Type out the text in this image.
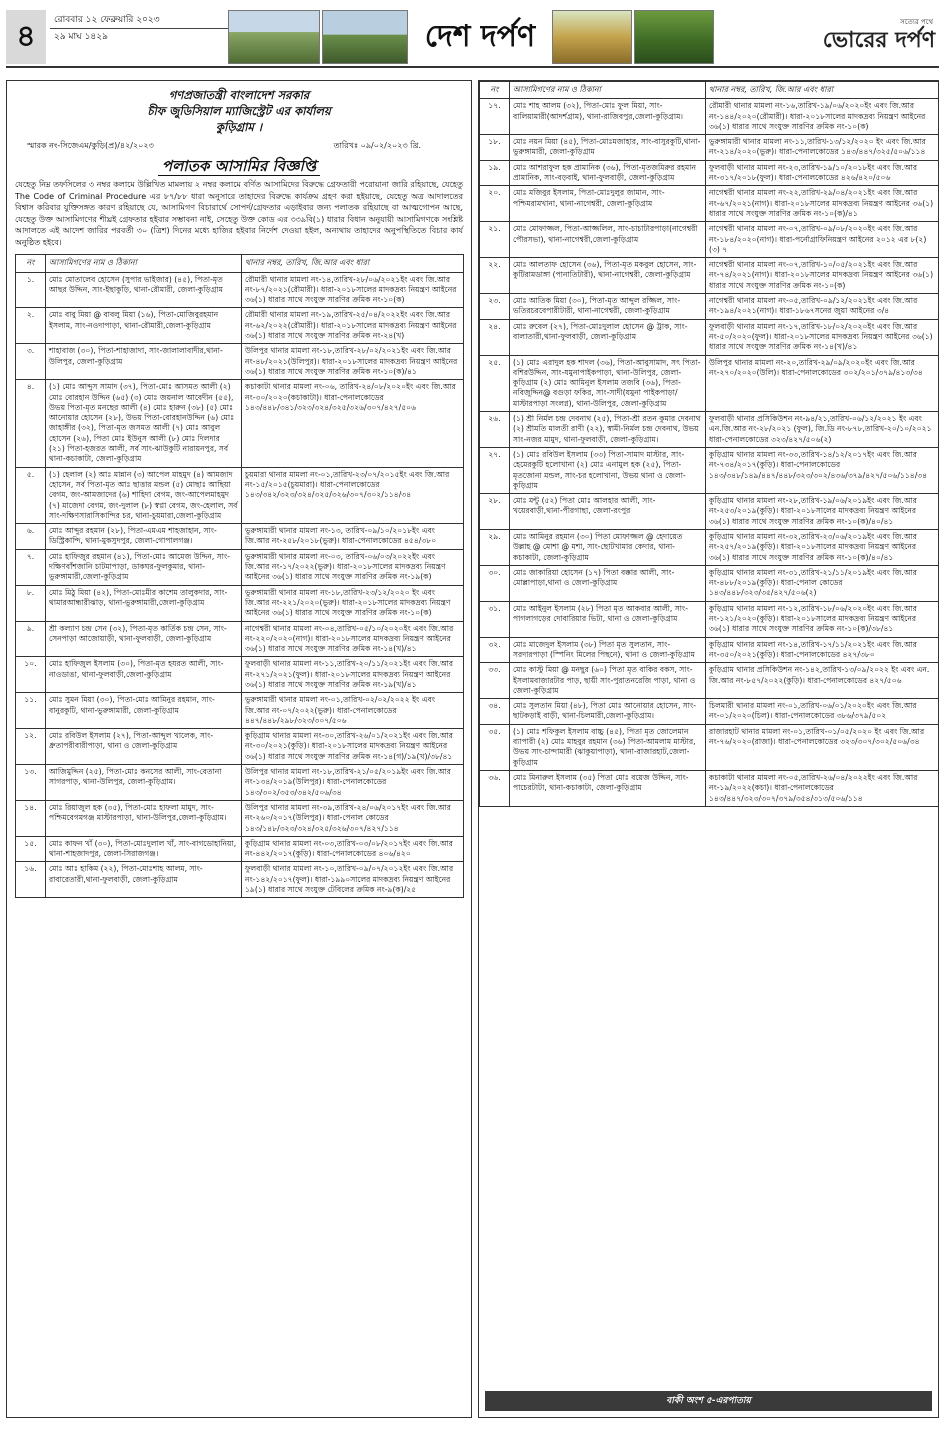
৪	রোববার ১২ ফেব্রুয়ারি ২০২৩
২৯ মাঘ ১৪২৯	দেশ দর্পণ	সত্যের পথে
ভোরের দর্পণ
গণপ্রজাতন্ত্রী বাংলাদেশ সরকার
চীফ জুডিসিয়াল ম্যাজিস্ট্রেট এর কার্যালয়
কুড়িগ্রাম ।
স্মারক নং-সিজেএম/কুড়ি(প্র)/৪২/২০২৩	তারিখঃ ০৯/০২/২০২৩ খ্রি.
পলাতক আসামির বিজ্ঞপ্তি

যেহেতু নিম্ন তফসিলের ৩ নম্বর কলামে উল্লিখিত মামলায় ২ নম্বর কলামে বর্ণিত আসামিদের বিরুদ্ধে গ্রেফতারী পরোয়ানা জারি রহিয়াছে, যেহেতু The Code of Criminal Procedure এর ৮৭/৮৮ ধারা অনুসারে তাহাদের বিরুদ্ধে কার্যক্রম গ্রহণ করা হইয়াছে, যেহেতু অত্র আদালতের বিশ্বাস করিবার যুক্তিসঙ্গত কারণ রহিয়াছে যে, আসামিগণ বিচারার্থে সোপর্দ/গ্রেফতার এড়াইবার জন্য পলাতক রহিয়াছে বা আত্মগোপন আছে, যেহেতু উক্ত আসামিগণের শীঘ্রই গ্রেফতার হইবার সম্ভাবনা নাই, সেহেতু উক্ত কোড এর ৩৩৯বি(১) ধারার বিধান অনুযায়ী আসামিগণকে সংশ্লিষ্ট আদালতে এই আদেশ জারির পরবর্তী ৩০ (ত্রিশ) দিনের মধ্যে হাজির হইবার নির্দেশ দেওয়া হইল, অন্যথায় তাহাদের অনুপস্থিতিতে বিচার কার্য অনুষ্ঠিত হইবে।

নং	আসামিগণের নাম ও ঠিকানা	থানার নম্বর, তারিখ, জি.আর এবং ধারা
১.	মোঃ মোতালেব হোসেন (সুপার ভাইজার) (৪৫), পিতা-মৃত আছর উদ্দিন, সাং-ইছাকুড়ি, থানা-রৌমারী, জেলা-কুড়িগ্রাম	রৌমারী থানার মামলা নং-১৪,তারিখ-২৮/০৬/২০২১ইং এবং জি.আর নং-৮৭/২০২১(রৌমারী)। ধারা-২০১৮সালের মাদকদ্রব্য নিয়ন্ত্রণ আইনের ৩৬(১) ধারার সাথে সংযুক্ত সারণির ক্রমিক নং-১০(ক)
২.	মোঃ বাবু মিয়া @ বাবলু মিয়া (১৬), পিতা-মোজিবুরহমান ইসলাম, সাং-নওদাপাড়া, থানা-রৌমারী,জেলা-কুড়িগ্রাম	রৌমারী থানার মামলা নং-১৯,তারিখ-২৫/০৪/২০২২ইং এবং জি.আর নং-৬২/২০২২(রৌমারী)। ধারা-২০১৮সালের মাদকদ্রব্য নিয়ন্ত্রণ আইনের ৩৬(১) ধারার সাথে সংযুক্ত সারণির ক্রমিক নং-২৪(খ)
৩.	শাহাবাজ (৩০), পিতা-শাহাজাদা, সাং-জালালাবাদীর,থানা-উলিপুর, জেলা-কুড়িগ্রাম	উলিপুর থানার মামলা নং-১৮,তারিখ-২৮/০২/২০২১ইং এবং জি.আর নং-৪৮/২০২১(উলিপুর)। ধারা-২০১৮সালের মাদকদ্রব্য নিয়ন্ত্রণ আইনের ৩৬(১) ধারার সাথে সংযুক্ত সারণির ক্রমিক নং-১০(ক)/৪১
৪.	(১) মোঃ আব্দুস সামাদ (৩৭), পিতা-মোঃ আসমত আলী (২) মোঃ বোরহান উদ্দিন (৬৫) (৩) মোঃ জয়নাল আবেদীন (৫৫), উভয় পিতা-মৃত মনছের আলী (৪) মোঃ হারুন (৩৮) (৫) মোঃ আনোয়ার হোসেন (২৮), উভয় পিতা-বোরহানউদ্দিন (৬) মোঃ জাহাঙ্গীর (৩২), পিতা-মৃত জসমত আলী (৭) মোঃ আবুল হোসেন (২৬), পিতা মোঃ ইউনুস আলী (৮) মোঃ দিলদার (২১) পিতা-হজরত আলী, সর্ব সাং-ঝাউকুটি নারায়নপুর, সর্ব থানা-কচাকাটা, জেলা-কুড়িগ্রাম	কচাকাটা থানার মামলা নং-০৬, তারিখ-২৪/০৮/২০২০ইং এবং জি.আর নং-৩০/২০২০(কচাকাটা)। ধারা-পেনালকোডের ১৪৩/৪৪৮/৩৪১/৩২৩/৩২৪/৩২৫/৩২৬/৩০৭/৪২৭/৫০৬
৫.	(১) হেলাল (২) আঃ মান্নান (৩) আপেল মাহমুদ (৪) আমজাদ হোসেন, সর্ব পিতা-মৃত আঃ ছাত্তার মন্ডল (৫) মোছাঃ আছিয়া বেগম, জং-আমজাদের (৬) শাহিদা বেগম, জং-আপেলমাহমুদ (৭) মাজেদা বেগম, জং-দুলাল (৮) স্বপ্না বেগম, জং-হেলাল, সর্ব সাং-দক্ষিণসারাসিকান্দির চর, থানা-চুয়মারা,জেলা-কুড়িগ্রাম	চুয়মারা থানার মামলা নং-০১,তারিখ-২৩/০৭/২০১৫ইং এবং জি.আর নং-১৫/২০১৫(চুয়মারা)। ধারা-পেনালকোডের ১৪৩/৩৪২/৩২৩/৩২৪/৩২৫/৩২৬/৩০৭/৩০২/১১৪/৩৪
৬.	মোঃ আব্দুর রহমান (২৮), পিতা-এমএম শাহজাহান, সাং-ডিস্ট্রিকান্দি, থানা-মুকসুদপুর, জেলা-গোপালগঞ্জ।	ভুরুঙ্গামারী থানার মামলা নং-১৩, তারিখ-০৯/১০/২০১৮ইং এবং জি.আর নং-২৫৮/২০১৮(ভুরু)। ধারা-পেনালকোডের ৪৫৪/৩৮০
৭.	মোঃ হাফিজুর রহমান (৪১), পিতা-মোঃ আমেজ উদ্দিন, সাং-দক্ষিণবাঁশজানি চাটমাপাড়া, ডাকঘর-ফুলকুমার, থানা-ভুরুঙ্গামারী,জেলা-কুড়িগ্রাম	ভুরুঙ্গামারী থানার মামলা নং-০৩, তারিখ-০৬/০৩/২০২২ইং এবং জি.আর নং-১৭/২০২২(ভুরু)। ধারা-২০১৮সালের মাদকদ্রব্য নিয়ন্ত্রণ আইনের ৩৬(১) ধারার সাথে সংযুক্ত সারণির ক্রমিক নং-১৯(ক)
৮.	মোঃ মিঠু মিয়া (৪২), পিতা-মোঃমীর কাশেম তালুকদার, সাং-থামারআন্ধারীঝাড়, থানা-ভুরুঙ্গামারী,জেলা-কুড়িগ্রাম	ভুরুঙ্গামারী থানার মামলা নং-১৮,তারিখ-২৩/১২/২০২০ ইং এবং জি.আর নং-২২১/২০২০(ভুরু)। ধারা-২০১৮সালের মাদকদ্রব্য নিয়ন্ত্রণ আইনের ৩৬(১) ধারার সাথে সংযুক্ত সারণির ক্রমিক নং-১০(ক)
৯.	শ্রী কল্যাণ চন্দ্র সেন (৩২), পিতা-মৃত কার্তিক চন্দ্র সেন, সাং-সেনপাড়া আজোয়াড়ী, থানা-ফুলবাড়ী, জেলা-কুড়িগ্রাম	নাগেশ্বরী থানার মামলা নং-০৪,তারিখ-০৫/১০/২০২০ইং এবং জি.আর নং-২২০/২০২০(নাগ)। ধারা-২০১৮সালের মাদকদ্রব্য নিয়ন্ত্রণ আইনের ৩৬(১) ধারার সাথে সংযুক্ত সারণির ক্রমিক নং-১৪(খ)/৪১
১০.	মোঃ হাফিজুল ইসলাম (৩০), পিতা-মৃত হযরত আলী, সাং-নাওডাঙা, থানা-ফুলবাড়ী,জেলা-কুড়িগ্রাম	ফুলবাড়ী থানার মামলা নং-১১,তারিখ-২০/১১/২০২১ইং এবং জি.আর নং-২৭১/২০২১(ফুল)। ধারা-২০১৮সালের মাদকদ্রব্য নিয়ন্ত্রণ আইনের ৩৬(১) ধারার সাথে সংযুক্ত সারণির ক্রমিক নং-১৯(খ)/৪১
১১.	মোঃ সুমন মিয়া (৩০), পিতা-মোঃ আমিনুর রহমান, সাং-বানুরকুটি, থানা-ভুরুঙ্গামারী, জেলা-কুড়িগ্রাম	ভুরুঙ্গামারী থানার মামলা নং-০১,তারিখ-০২/০২/২০২২ ইং এবং জি.আর নং-০৭/২০২২(ভুরু)। ধারা-পেনালকোডের ৪৪৭/৪৪৮/২৯৮/৩২৩/৩০৭/৫০৬
১২.	মোঃ রবিউল ইসলাম (২৭), পিতা-আব্দুল খালেক, সাং-ধ্রুতাপরীবারীপাড়া, থানা ও জেলা-কুড়িগ্রাম	কুড়িগ্রাম থানার মামলা নং-৩০,তারিখ-২৬/০১/২০২১ইং এবং জি.আর নং-৩০/২০২১(কুড়ি)। ধারা-২০১৮সালের মাদকদ্রব্য নিয়ন্ত্রণ আইনের ৩৬(১) ধারার সাথে সংযুক্ত সারণির ক্রমিক নং-১৪(গ)/১৯(খ)/৩৮/৪১
১৩.	আজিমুদ্দিন (২৫), পিতা-মোঃ কনসের আলী, সাং-বেতানা সাগরপাড়, থানা-উলিপুর, জেলা-কুড়িগ্রাম।	উলিপুর থানার মামলা নং-১৮,তারিখ-২১/০৫/২০১৯ইং এবং জি.আর নং-১৩৪/২০১৯(উলিপুর)। ধারা-পেনালকোডের ১৪৩/৩০২/৩৫৩/৩৪২/৫০৬/৩৪
১৪.	মোঃ রিয়াজুল হক (৩৫), পিতা-মোঃ হাফলা মামুদ, সাং-পশ্চিমবেগমগঞ্জ মাস্টারপাড়া, থানা-উলিপুর,জেলা-কুড়িগ্রাম।	উলিপুর থানার মামলা নং-৩৯,তারিখ-২৪/০৬/২০১৭ইং এবং জি.আর নং-২৬০/২০১৭(উলিপুর)। ধারা-পেনাল কোডের ১৪৩/১৪৮/৩২৩/৩২৪/৩২৫/৩২৬/৩০৭/৪২৭/১১৪
১৫.	মোঃ কাফন খাঁ (৩০), পিতা-মোঃদুলাল খাঁ, সাং-বাগডোহানিয়া, থানা-শাহজাদপুর, জেলা-সিরাজগঞ্জ।	কুড়িগ্রাম থানার মামলা নং-০৩,তারিখ-০৩/০৮/২০১৭ইং এবং জি.আর নং-৪৪২/২০১৭(কুড়ি)। ধারা-পেনালকোডের ৪০৬/৪২০
১৬.	মোঃ আঃ হাকিম (২২), পিতা-মোঃশাহ আলম, সাং-রাবারেতারী,থানা-ফুলবাড়ী, জেলা-কুড়িগ্রাম	ফুলবাড়ী থানার মামলা নং-১০,তারিখ-০৯/০৭/২০১২ইং এবং জি.আর নং-১৪২/২০১৭(ফুল)। ধারা-১৯৯০সালের মাদকদ্রব্য নিয়ন্ত্রণ আইনের ১৯(১) ধারার সাথে সংযুক্ত টেবিলের ক্রমিক নং-৯(ক)/২৫
নং	আসামিগণের নাম ও ঠিকানা	থানার নম্বর, তারিখ, জি.আর এবং ধারা
১৭.	মোঃ শাহ আলম (৩২), পিতা-মোঃ ফুল মিয়া, সাং-বালিয়ামারী(আদর্শগ্রাম), থানা-রাজিবপুর,জেলা-কুড়িগ্রাম।	রৌমারী থানার মামলা নং-১৬,তারিখ-১৯/০৬/২০২০ইং এবং জি.আর নং-১৪৪/২০২০(রৌমারী)। ধারা-২০১৮সালের মাদকদ্রব্য নিয়ন্ত্রণ আইনের ৩৬(১) ধারার সাথে সংযুক্ত সারণির ক্রমিক নং-১০(ক)
১৮.	মোঃ নয়ন মিয়া (৪৫), পিতা-মোঃমজাহার, সাং-বাসুরকুটি,থানা-ভুরুঙ্গামারী, জেলা-কুড়িগ্রাম	ভুরুঙ্গামারী থানার মামলা নং-১১,তারিখ-১৩/১২/২০২০ ইং এবং জি.আর নং-২১৪/২০২০(ভুরু)। ধারা-পেনালকোডের ১৪৩/৪৪৭/৩২৫/৫০৬/১১৪
১৯.	মোঃ আশরাফুল হক প্রামানিক (৩৬), পিতা-মৃতজমিরুর রহমান প্রামানিক, সাং-বড়বাই, থানা-ফুলবাড়ী, জেলা-কুড়িগ্রাম	ফুলবাড়ী থানার মামলা নং-২৩,তারিখ-১৯/১০/২০১৮ইং এবং জি.আর নং-৩১৭/২০১৮(ফুল)। ধারা-পেনালকোডের ৪২৬/৪২০/৫০৬
২০.	মোঃ মজিবুর ইসলাম, পিতা-মোঃদুলুর জামান, সাং-পশ্চিমরামখানা, থানা-নাগেশ্বরী, জেলা-কুড়িগ্রাম	নাগেশ্বরী থানার মামলা নং-২২,তারিখ-২৯/০৪/২০২১ইং এবং জি.আর নং-৬৭/২০২১(নাগ)। ধারা-২০১৮সালের মাদকদ্রব্য নিয়ন্ত্রণ আইনের ৩৬(১) ধারার সাথে সংযুক্ত সারণির ক্রমিক নং-১০(ক)/৪১
২১.	মোঃ মোফাজ্জল, পিতা-আজ্জলিল, সাং-চাচাটারপাড়া(নাগেশ্বরী পৌরসভা), থানা-নাগেশ্বরী,জেলা-কুড়িগ্রাম	নাগেশ্বরী থানার মামলা নং-০৭,তারিখ-০৯/০৮/২০২০ইং এবং জি.আর নং-১৮৪/২০২০(নাগ)। ধারা-পর্নোগ্রাফিনিয়ন্ত্রণ আইনের ২০১২ এর ৮(২)(৩) ৭
২২.	মোঃ আলতাফ হোসেন (৩৬), পিতা-মৃত মকবুল হোসেন, সাং-কুটিরামডাঙ্গা (পানাতিটারী), থানা-নাগেশ্বরী, জেলা-কুড়িগ্রাম	নাগেশ্বরী থানার মামলা নং-০৭,তারিখ-১০/০৫/২০২১ইং এবং জি.আর নং-৭৪/২০২১(নাগ)। ধারা-২০১৮সালের মাদকদ্রব্য নিয়ন্ত্রণ আইনের ৩৬(১) ধারার সাথে সংযুক্ত সারণির ক্রমিক নং-১০(ক)
২৩.	মোঃ আতিক মিয়া (৩০), পিতা-মৃত আব্দুল রজ্জিল, সাং-ভতিরচরবেপারীটারী, থানা-নাগেশ্বরী, জেলা-কুড়িগ্রাম	নাগেশ্বরী থানার মামলা নং-০৫,তারিখ-০৯/১২/২০২১ইং এবং জি.আর নং-১৯৪/২০২১(নাগ)। ধারা-১৮৬৭সনের জুয়া আইনের ৩/৪
২৪.	মোঃ রুবেল (২৭), পিতা-মোঃদুলাল হোসেন @ ট্রাক, সাং-বালাতারী,থানা-ফুলবাড়ী, জেলা-কুড়িগ্রাম	ফুলবাড়ী থানার মামলা নং-১৭,তারিখ-১৮/০২/২০২০ইং এবং জি.আর নং-৫০/২০২০(ফুল)। ধারা-২০১৮সালের মাদকদ্রব্য নিয়ন্ত্রণ আইনের ৩৬(১) ধারার সাথে সংযুক্ত সারণির ক্রমিক নং-১৪(খ)/৪১
২৫.	(১) মোঃ এরাদুল হক শাদল (৩৬), পিতা-আবুসামাদ, সৎ পিতা-বশিরউদ্দিন, সাং-যমুনাপাইকপাড়া, থানা-উলিপুর, জেলা-কুড়িগ্রাম (২) মোঃ আমিনুল ইসলাম তজবি (৩৬), পিতা-নবিজুদ্দিন@ বগুড়া ফকির, সাং-সাদী(যমুনা পাইকপাড়া/ মাস্টারপাড়া সংলগ্ন), থানা-উলিপুর, জেলা-কুড়িগ্রাম	উলিপুর থানার মামলা নং-২০,তারিখ-২৯/০৯/২০২০ইং এবং জি.আর নং-২৭০/২০২০(উলি)। ধারা-পেনালকোডের ৩০২/২০১/৩৭৯/৪১৩/৩৪
২৬.	(১) শ্রী নির্মল চন্দ্র দেবনাথ (২৫), পিতা-শ্রী রতন কুমার দেবনাথ (২) শ্রীমতি মালতী রাণী (২২), স্বামী-নির্মল চন্দ্র দেবনাথ, উভয় সাং-নজর মামুদ, থানা-ফুলবাড়ী, জেলা-কুড়িগ্রাম।	ফুলবাড়ী থানার প্রসিকিউশন নং-৯৪/২১,তারিখ-০৬/১২/২০২১ ইং এবং এন.জি.আর নং-২৮/২০২১ (ফুল), জি.ডি নং-৮৭৮,তারিখ-২০/১০/২০২১ ধারা-পেনালকোডের ৩২৩/৪২৭/৫০৬(২)
২৭.	(১) মোঃ রবিউল ইসলাম (৩৩) পিতা-সামাদ মাস্টার, সাং-হেমেরকুটি হলোখানা (২) মোঃ এনামুল হক (২৫), পিতা-মৃতজোনা মন্ডল, সাং-চর হলোখানা, উভয় থানা ও জেলা-কুড়িগ্রাম	কুড়িগ্রাম থানার মামলা নং-৩৩,তারিখ-১৪/১২/২০১৭ইং এবং জি.আর নং-৭৩৪/২০১৭(কুড়ি)। ধারা-পেনালকোডের ১৪৩/৩৪৮/১৪৯/৪৪৭/৪৪৮/৩২৩/৩০২/৪৩৬/৩৭৯/৪২৭/৫০৬/১১৪/৩৪
২৮.	মোঃ মন্টু (৫২) পিতা মোঃ আলহার আলী, সাং-খয়েরবাড়ী,থানা-পীরগাছা, জেলা-রংপুর	কুড়িগ্রাম থানার মামলা নং-২৮,তারিখ-১৯/০৬/২০১৯ইং এবং জি.আর নং-২৫৩/২০১৯(কুড়ি)। ধারা-২০১৮সালের মাদকদ্রব্য নিয়ন্ত্রণ আইনের ৩৬(১) ধারার সাথে সংযুক্ত সারণির ক্রমিক নং-১০(ক)/৪০/৪১
২৯.	মোঃ আমিনুর রহমান (৩০) পিতা মোফাজ্জল @ হেদায়েত উল্লাহ @ মোশা @ মশা, সাং-ছোটখামার কেদার, থানা-কচাকাটা, জেলা-কুড়িগ্রাম	কুড়িগ্রাম থানার মামলা নং-৩২,তারিখ-২৩/০৬/২০১৯ইং এবং জি.আর নং-২৫৭/২০১৯(কুড়ি)। ধারা-২০১৮সালের মাদকদ্রব্য নিয়ন্ত্রণ আইনের ৩৬(১) ধারার সাথে সংযুক্ত সারণির ক্রমিক নং-১০(ক)/৪০/৪১
৩০.	মোঃ জাকারিয়া হোসেন (১৭) পিতা বক্কার আলী, সাং-মোল্লাপাড়া,থানা ও জেলা-কুড়িগ্রাম	কুড়িগ্রাম থানার মামলা নং-৩১,তারিখ-২১/১১/২০১৯ইং এবং জি.আর নং-৪৮৮/২০১৯(কুড়ি)। ধারা-পেনাল কোডের ১৪৩/৪৪৮/৩২৩/৩৫/৪২৭/৫০৬(২)
৩১.	মোঃ আইনুল ইসলাম (২৮) পিতা মৃত আকবার আলী, সাং-পাগলাগড়ের দোবারিয়ার ভিটা, থানা ও জেলা-কুড়িগ্রাম	কুড়িগ্রাম থানার মামলা নং-১২,তারিখ-১৮/০৬/২০২০ইং এবং জি.আর নং-১২১/২০২০(কুড়ি)। ধারা-২০১৮সালের মাদকদ্রব্য নিয়ন্ত্রণ আইনের ৩৬(১) ধারার সাথে সংযুক্ত সারণির ক্রমিক নং-১০(ক)/৩৮/৪১
৩২.	মোঃ মাজেদুল ইসলাম (৩৮) পিতা মৃত সুলতান, সাং-সরদারপাড়া (স্পিনিং মিলের পিছনে), থানা ও জেলা-কুড়িগ্রাম	কুড়িগ্রাম থানার মামলা নং-১৪,তারিখ-১৭/১১/২০২১ইং এবং জি.আর নং-৩৫০/২০২১(কুড়ি)। ধারা-পেনালকোডের ৪২৭/৩৮০
৩৩.	মোঃ কাস্টু মিয়া @ মনছুর (৬০) পিতা মৃত বাকির বকস, সাং-ইসলামবাজারটার পাড়, ছায়ী সাং-পুরাতনরেজি পাড়া, থানা ও জেলা-কুড়িগ্রাম	কুড়িগ্রাম থানার প্রসিকিউশন নং-১৪২,তারিখ-১৩/০৯/২০২২ ইং এবং এন. জি.আর নং-৮৫৭/২০২২(কুড়ি)। ধারা-পেনালকোডের ৪২৭/৫০৬
৩৪.	মোঃ সুলতান মিয়া (৪৮), পিতা মোঃ আনোয়ার হোসেন, সাং-ছাটকড়াই বাড়ী, থানা-চিলমারী,জেলা-কুড়িগ্রাম।	চিলমারী থানার মামলা নং-০১,তারিখ-০৬/০১/২০২০ইং এবং জি.আর নং-০১/২০২০(চিল)। ধারা-পেনালকোডের ৩৮৬/৩৭৯/৫০২
৩৫.	(১) মোঃ শফিকুল ইসলাম বাচ্চু (৪৫), পিতা মৃত জোলেমান ব্যাপারী (২) মোঃ মাহবুর রহমান (৩৬) পিতা-আমলাম মাস্টার, উভয় সাং-চান্দামারী (ঝাকুয়াপাড়া), থানা-রাজারহাট,জেলা-কুড়িগ্রাম	রাজারহাট থানার মামলা নং-০১,তারিখ-০১/০৫/২০২০ ইং এবং জি.আর নং-৭৬/২০২০(রাজা)। ধারা-পেনালকোডের ৩২৩/৩০৭/৩০২/৫০৬/৩৪
৩৬.	মোঃ মিনারুল ইসলাম (৩৫) পিতা মোঃ বয়েজ উদ্দিন, সাং-পাচেরটাটা, থানা-কচাকাটা, জেলা-কুড়িগ্রাম	কচাকাটা থানার মামলা নং-০৫,তারিখ-২৬/০৪/২০২২ইং এবং জি.আর নং-১৯/২০২২(কচা)। ধারা-পেনালকোডের ১৪৩/৪৪৭/৩২৩/৩০৭/৩৭৯/৩৫৪/৩১৩/৫০৬/১১৪
বাকী অংশ ৫-এরপাতায়
